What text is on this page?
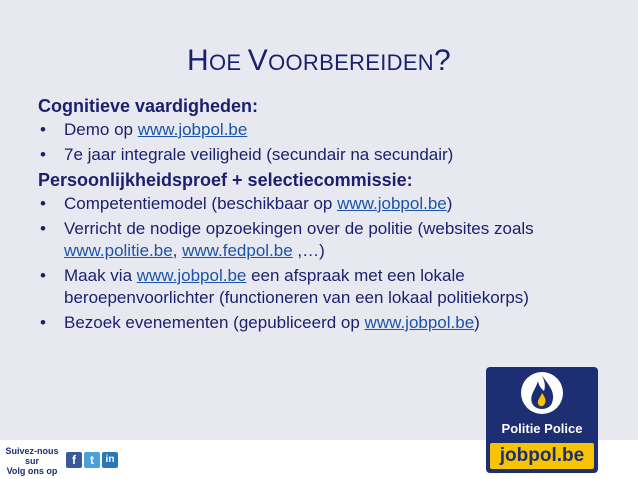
HOE VOORBEREIDEN?
Cognitieve vaardigheden:
• Demo op www.jobpol.be
• 7e jaar integrale veiligheid (secundair na secundair)
Persoonlijkheidsproef + selectiecommissie:
• Competentiemodel (beschikbaar op www.jobpol.be)
• Verricht de nodige opzoekingen over de politie (websites zoals www.politie.be, www.fedpol.be ,…)
• Maak via www.jobpol.be een afspraak met een lokale beroepenvoorlichter (functioneren van een lokaal politiekorps)
• Bezoek evenementen (gepubliceerd op www.jobpol.be)
Politie Police
jobpol.be
Suivez-nous sur
Volg ons op
f	t	in
